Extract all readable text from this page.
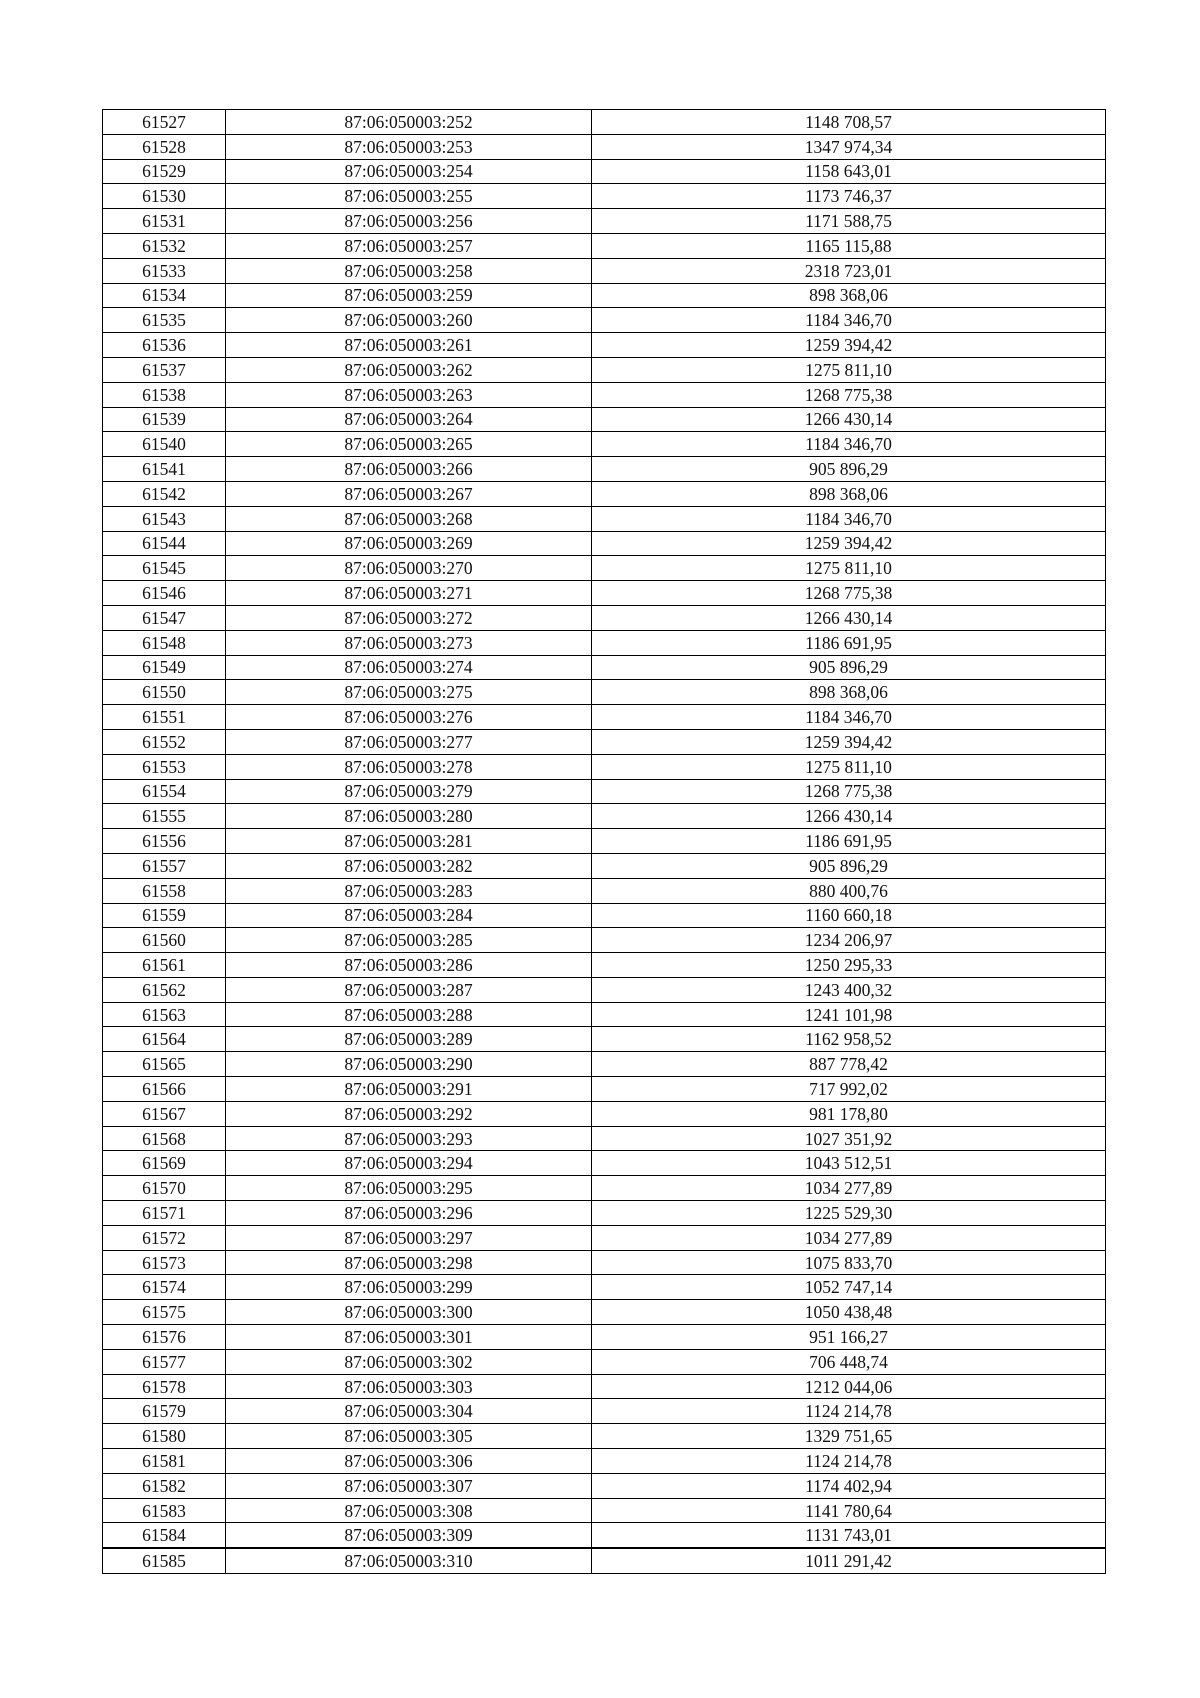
61527	87:06:050003:252	1148 708,57
61528	87:06:050003:253	1347 974,34
61529	87:06:050003:254	1158 643,01
61530	87:06:050003:255	1173 746,37
61531	87:06:050003:256	1171 588,75
61532	87:06:050003:257	1165 115,88
61533	87:06:050003:258	2318 723,01
61534	87:06:050003:259	898 368,06
61535	87:06:050003:260	1184 346,70
61536	87:06:050003:261	1259 394,42
61537	87:06:050003:262	1275 811,10
61538	87:06:050003:263	1268 775,38
61539	87:06:050003:264	1266 430,14
61540	87:06:050003:265	1184 346,70
61541	87:06:050003:266	905 896,29
61542	87:06:050003:267	898 368,06
61543	87:06:050003:268	1184 346,70
61544	87:06:050003:269	1259 394,42
61545	87:06:050003:270	1275 811,10
61546	87:06:050003:271	1268 775,38
61547	87:06:050003:272	1266 430,14
61548	87:06:050003:273	1186 691,95
61549	87:06:050003:274	905 896,29
61550	87:06:050003:275	898 368,06
61551	87:06:050003:276	1184 346,70
61552	87:06:050003:277	1259 394,42
61553	87:06:050003:278	1275 811,10
61554	87:06:050003:279	1268 775,38
61555	87:06:050003:280	1266 430,14
61556	87:06:050003:281	1186 691,95
61557	87:06:050003:282	905 896,29
61558	87:06:050003:283	880 400,76
61559	87:06:050003:284	1160 660,18
61560	87:06:050003:285	1234 206,97
61561	87:06:050003:286	1250 295,33
61562	87:06:050003:287	1243 400,32
61563	87:06:050003:288	1241 101,98
61564	87:06:050003:289	1162 958,52
61565	87:06:050003:290	887 778,42
61566	87:06:050003:291	717 992,02
61567	87:06:050003:292	981 178,80
61568	87:06:050003:293	1027 351,92
61569	87:06:050003:294	1043 512,51
61570	87:06:050003:295	1034 277,89
61571	87:06:050003:296	1225 529,30
61572	87:06:050003:297	1034 277,89
61573	87:06:050003:298	1075 833,70
61574	87:06:050003:299	1052 747,14
61575	87:06:050003:300	1050 438,48
61576	87:06:050003:301	951 166,27
61577	87:06:050003:302	706 448,74
61578	87:06:050003:303	1212 044,06
61579	87:06:050003:304	1124 214,78
61580	87:06:050003:305	1329 751,65
61581	87:06:050003:306	1124 214,78
61582	87:06:050003:307	1174 402,94
61583	87:06:050003:308	1141 780,64
61584	87:06:050003:309	1131 743,01
61585	87:06:050003:310	1011 291,42
